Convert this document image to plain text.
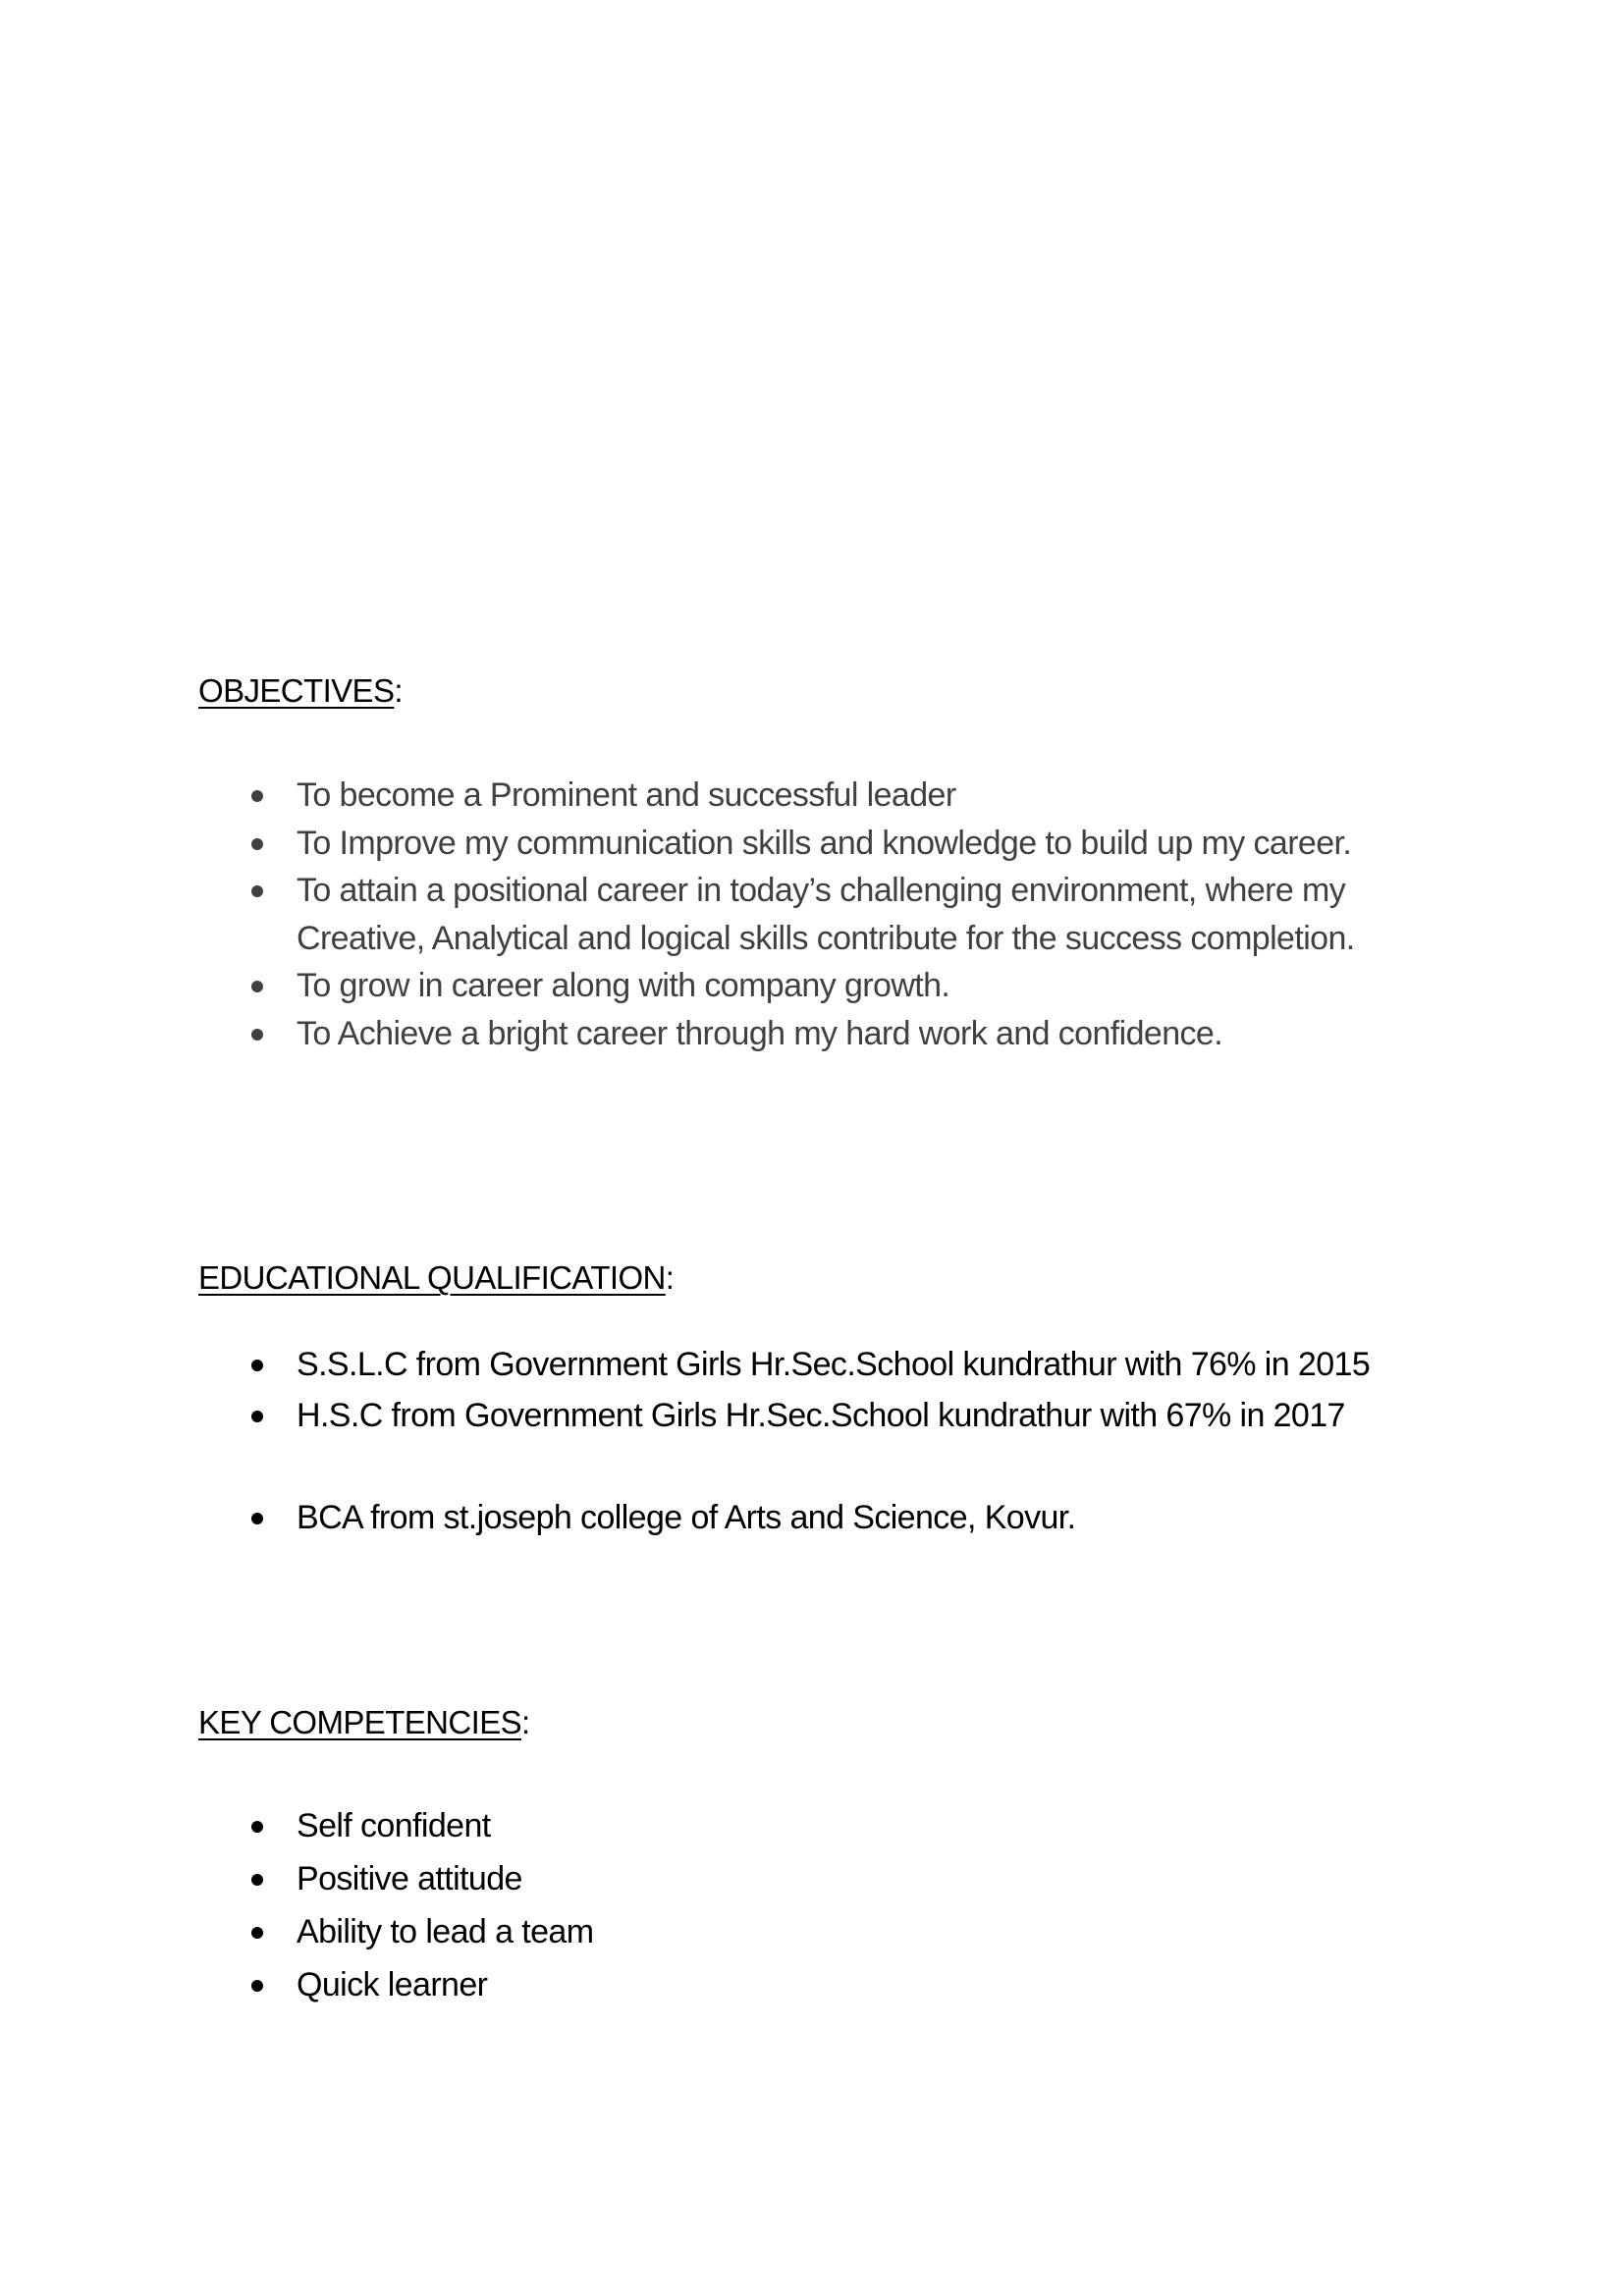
OBJECTIVES:
To become a Prominent and successful leader
To Improve my communication skills and knowledge to build up my career.
To attain a positional career in today’s challenging environment, where my Creative, Analytical and logical skills contribute for the success completion.
To grow in career along with company growth.
To Achieve a bright career through my hard work and confidence.
EDUCATIONAL QUALIFICATION:
S.S.L.C from Government Girls Hr.Sec.School kundrathur with 76% in 2015
H.S.C from Government Girls Hr.Sec.School kundrathur with 67% in 2017
BCA from st.joseph college of Arts and Science, Kovur.
KEY COMPETENCIES:
Self confident
Positive attitude
Ability to lead a team
Quick learner
